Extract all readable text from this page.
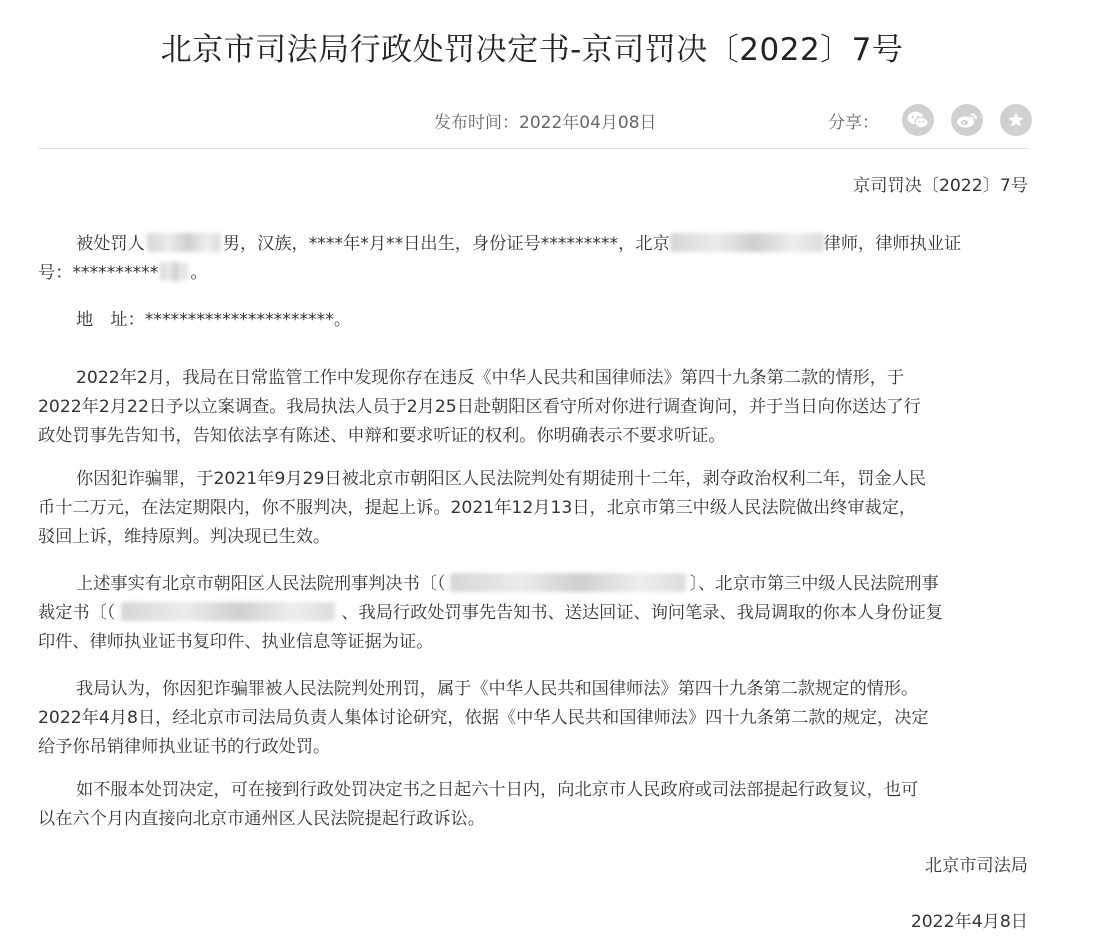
北京市司法局行政处罚决定书-京司罚决〔2022〕7号
发布时间：2022年04月08日	分享：
京司罚决〔2022〕7号
被处罚人	男，汉族，****年*月**日出生，身份证号*********，北京	律师，律师执业证
号：********** 。
地　址：**********************。
2022年2月，我局在日常监管工作中发现你存在违反《中华人民共和国律师法》第四十九条第二款的情形，于
2022年2月22日予以立案调查。我局执法人员于2月25日赴朝阳区看守所对你进行调查询问，并于当日向你送达了行
政处罚事先告知书，告知依法享有陈述、申辩和要求听证的权利。你明确表示不要求听证。
你因犯诈骗罪，于2021年9月29日被北京市朝阳区人民法院判处有期徒刑十二年，剥夺政治权利二年，罚金人民
币十二万元，在法定期限内，你不服判决，提起上诉。2021年12月13日，北京市第三中级人民法院做出终审裁定，
驳回上诉，维持原判。判决现已生效。
上述事实有北京市朝阳区人民法院刑事判决书〔（	〕、北京市第三中级人民法院刑事
裁定书〔（	、我局行政处罚事先告知书、送达回证、询问笔录、我局调取的你本人身份证复
印件、律师执业证书复印件、执业信息等证据为证。
我局认为，你因犯诈骗罪被人民法院判处刑罚，属于《中华人民共和国律师法》第四十九条第二款规定的情形。
2022年4月8日，经北京市司法局负责人集体讨论研究，依据《中华人民共和国律师法》四十九条第二款的规定，决定
给予你吊销律师执业证书的行政处罚。
如不服本处罚决定，可在接到行政处罚决定书之日起六十日内，向北京市人民政府或司法部提起行政复议，也可
以在六个月内直接向北京市通州区人民法院提起行政诉讼。
北京市司法局
2022年4月8日
